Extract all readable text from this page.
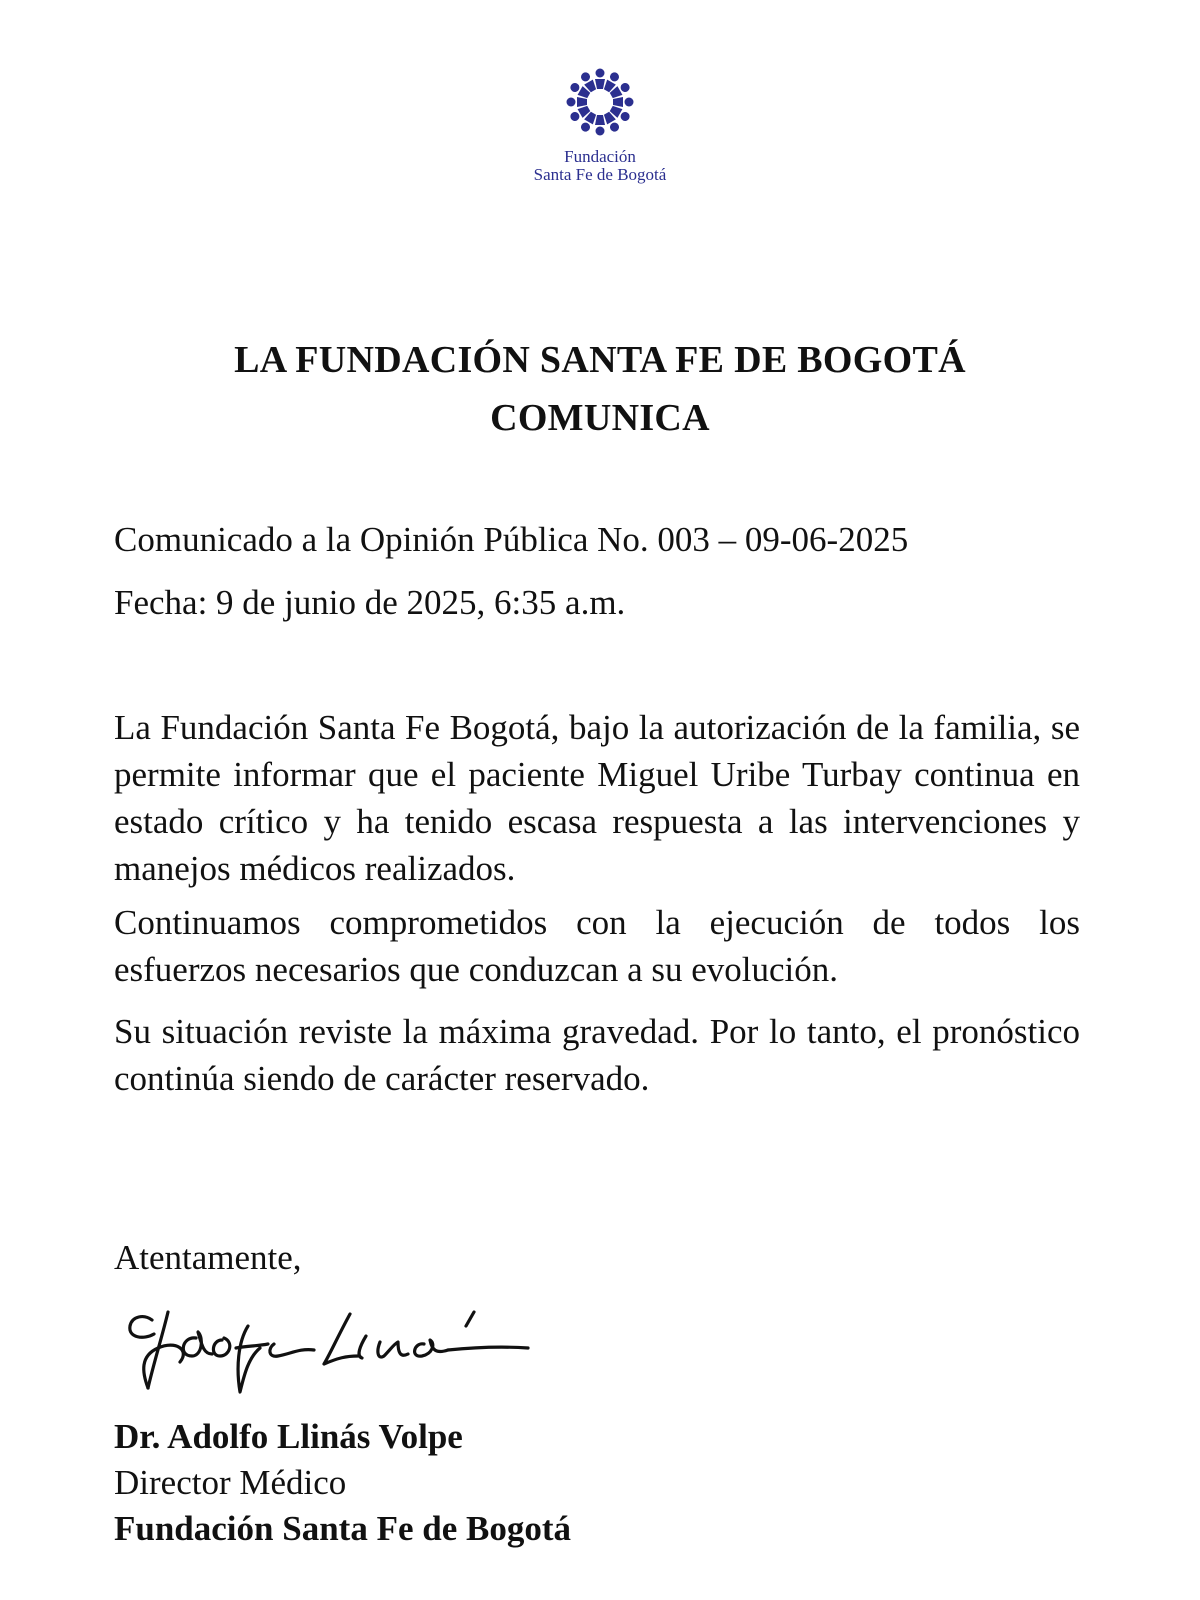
Fundación
Santa Fe de Bogotá
LA FUNDACIÓN SANTA FE DE BOGOTÁ
COMUNICA
Comunicado a la Opinión Pública No. 003 – 09-06-2025
Fecha: 9 de junio de 2025, 6:35 a.m.

La Fundación Santa Fe Bogotá, bajo la autorización de la familia, se permite informar que el paciente Miguel Uribe Turbay continua en estado crítico y ha tenido escasa respuesta a las intervenciones y manejos médicos realizados.

Continuamos comprometidos con la ejecución de todos los esfuerzos necesarios que conduzcan a su evolución.

Su situación reviste la máxima gravedad. Por lo tanto, el pronóstico continúa siendo de carácter reservado.

Atentamente,
Dr. Adolfo Llinás Volpe
Director Médico
Fundación Santa Fe de Bogotá
